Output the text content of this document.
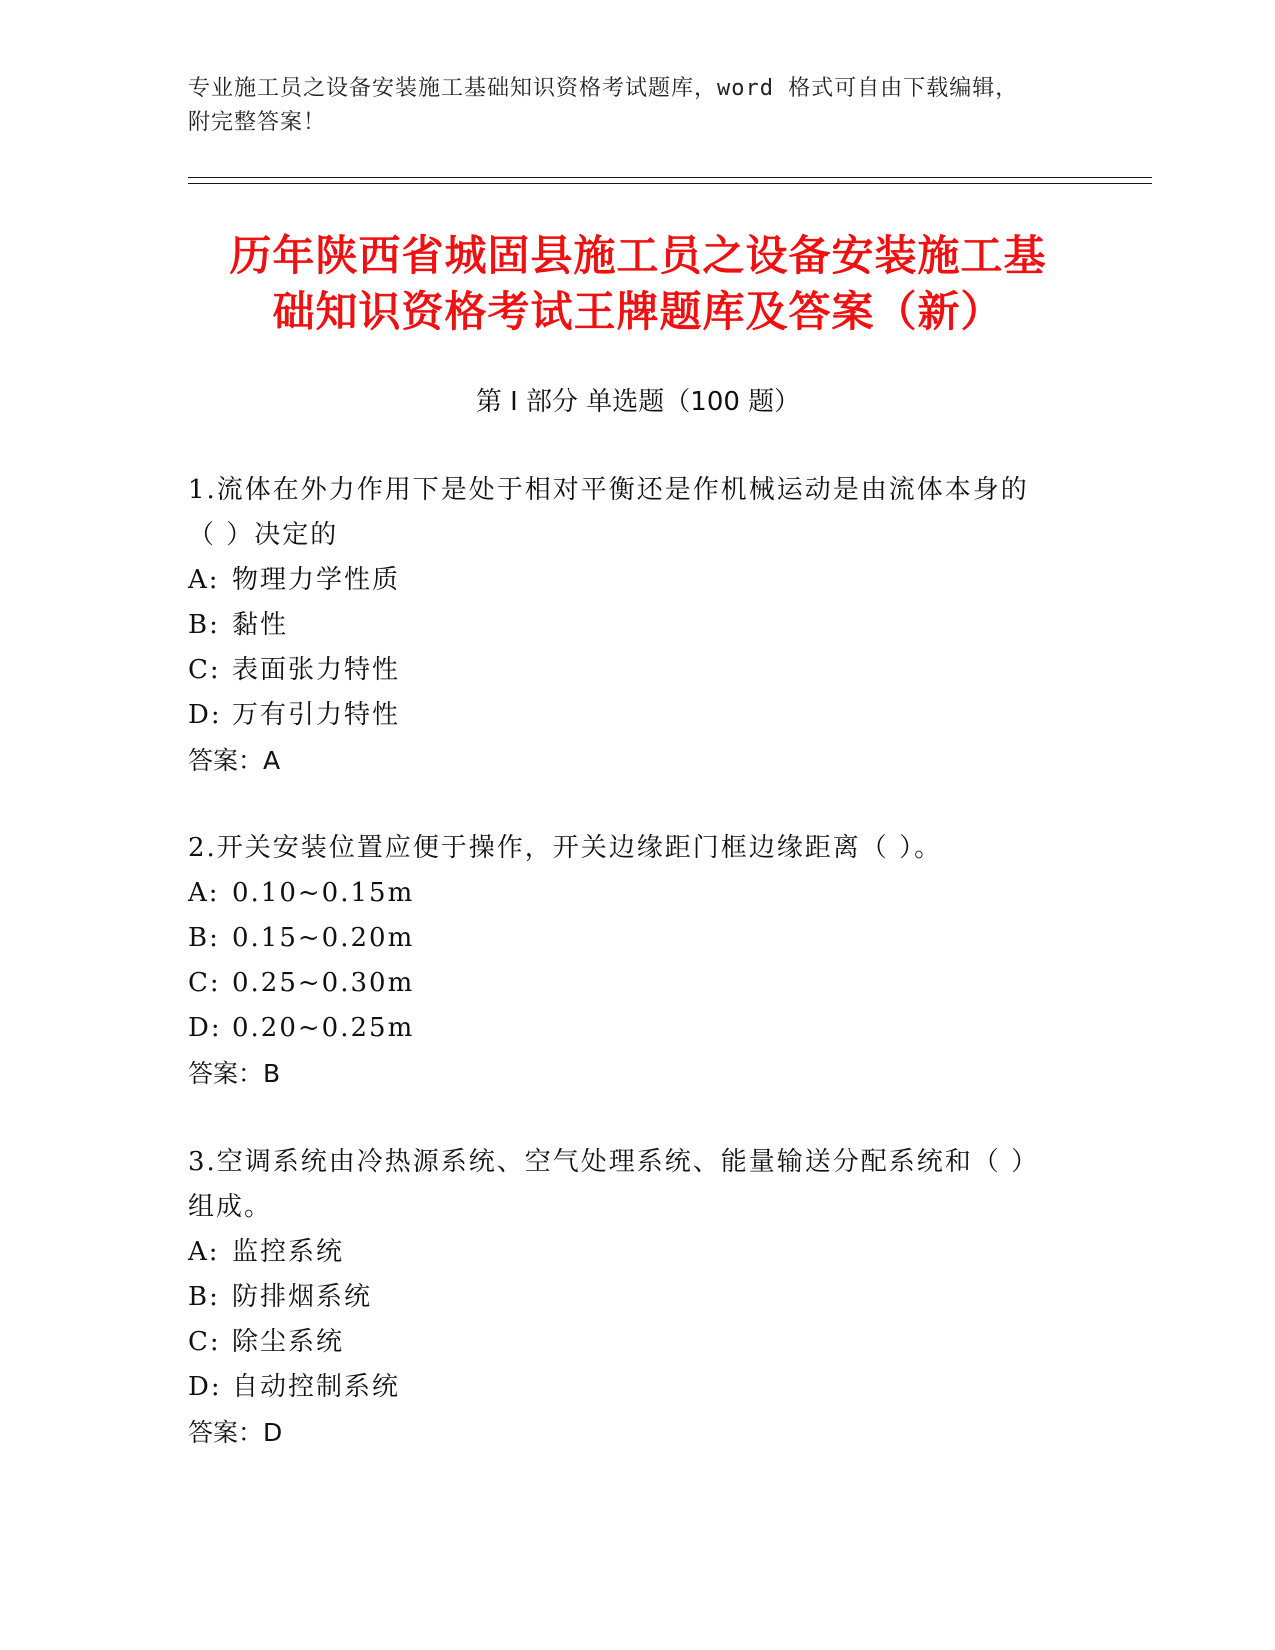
专业施工员之设备安装施工基础知识资格考试题库，word 格式可自由下载编辑，
附完整答案！
历年陕西省城固县施工员之设备安装施工基
础知识资格考试王牌题库及答案（新）
第 I 部分 单选题（100 题）

1.流体在外力作用下是处于相对平衡还是作机械运动是由流体本身的

（ ）决定的

A: 物理力学性质

B: 黏性

C: 表面张力特性

D: 万有引力特性

答案：A

2.开关安装位置应便于操作，开关边缘距门框边缘距离（ ）。

A: 0.10~0.15m

B: 0.15~0.20m

C: 0.25~0.30m

D: 0.20~0.25m

答案：B

3.空调系统由冷热源系统、空气处理系统、能量输送分配系统和（ ）

组成。

A: 监控系统

B: 防排烟系统

C: 除尘系统

D: 自动控制系统

答案：D
